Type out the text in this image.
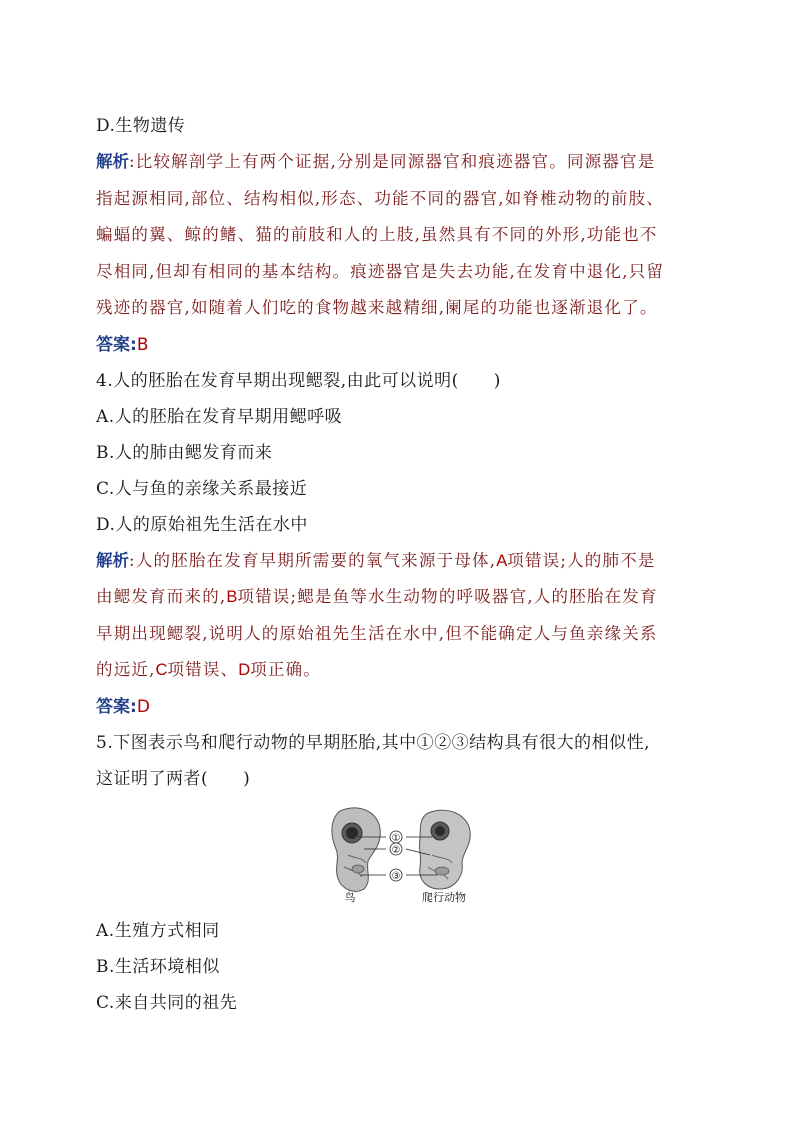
D.生物遗传
解析:比较解剖学上有两个证据,分别是同源器官和痕迹器官。同源器官是
指起源相同,部位、结构相似,形态、功能不同的器官,如脊椎动物的前肢、
蝙蝠的翼、鲸的鳍、猫的前肢和人的上肢,虽然具有不同的外形,功能也不
尽相同,但却有相同的基本结构。痕迹器官是失去功能,在发育中退化,只留
残迹的器官,如随着人们吃的食物越来越精细,阑尾的功能也逐渐退化了。
答案:B
4.人的胚胎在发育早期出现鳃裂,由此可以说明(　　)
A.人的胚胎在发育早期用鳃呼吸
B.人的肺由鳃发育而来
C.人与鱼的亲缘关系最接近
D.人的原始祖先生活在水中
解析:人的胚胎在发育早期所需要的氧气来源于母体,A项错误;人的肺不是
由鳃发育而来的,B项错误;鳃是鱼等水生动物的呼吸器官,人的胚胎在发育
早期出现鳃裂,说明人的原始祖先生活在水中,但不能确定人与鱼亲缘关系
的远近,C项错误、D项正确。
答案:D
5.下图表示鸟和爬行动物的早期胚胎,其中①②③结构具有很大的相似性,
这证明了两者(　　)
①
②
③
鸟	爬行动物
A.生殖方式相同
B.生活环境相似
C.来自共同的祖先
